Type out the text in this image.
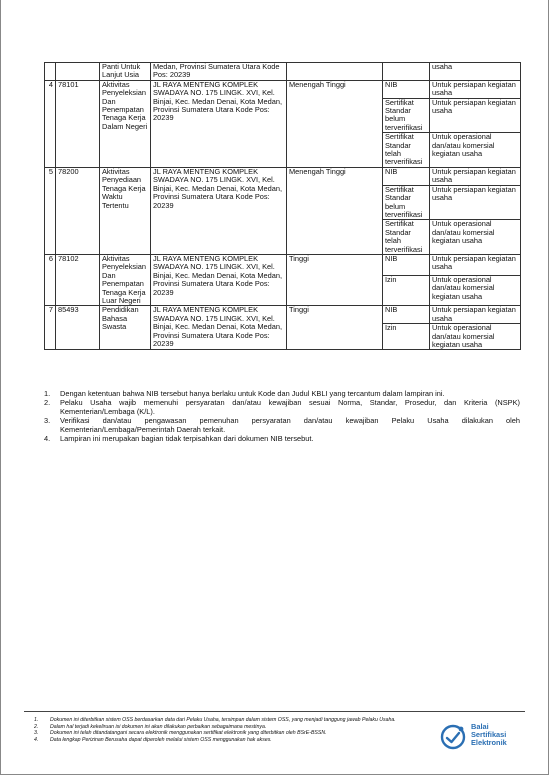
		Panti Untuk Lanjut Usia	Medan, Provinsi Sumatera Utara Kode Pos: 20239			usaha
4	78101	Aktivitas Penyeleksian Dan Penempatan Tenaga Kerja Dalam Negeri	JL RAYA MENTENG KOMPLEK SWADAYA NO. 175 LINGK. XVI, Kel. Binjai, Kec. Medan Denai, Kota Medan, Provinsi Sumatera Utara Kode Pos: 20239	Menengah Tinggi	NIB	Untuk persiapan kegiatan usaha
					Sertifikat Standar belum terverifikasi	Untuk persiapan kegiatan usaha
					Sertifikat Standar telah terverifikasi	Untuk operasional dan/atau komersial kegiatan usaha
5	78200	Aktivitas Penyediaan Tenaga Kerja Waktu Tertentu	JL RAYA MENTENG KOMPLEK SWADAYA NO. 175 LINGK. XVI, Kel. Binjai, Kec. Medan Denai, Kota Medan, Provinsi Sumatera Utara Kode Pos: 20239	Menengah Tinggi	NIB	Untuk persiapan kegiatan usaha
					Sertifikat Standar belum terverifikasi	Untuk persiapan kegiatan usaha
					Sertifikat Standar telah terverifikasi	Untuk operasional dan/atau komersial kegiatan usaha
6	78102	Aktivitas Penyeleksian Dan Penempatan Tenaga Kerja Luar Negeri	JL RAYA MENTENG KOMPLEK SWADAYA NO. 175 LINGK. XVI, Kel. Binjai, Kec. Medan Denai, Kota Medan, Provinsi Sumatera Utara Kode Pos: 20239	Tinggi	NIB	Untuk persiapan kegiatan usaha
					Izin	Untuk operasional dan/atau komersial kegiatan usaha
7	85493	Pendidikan Bahasa Swasta	JL RAYA MENTENG KOMPLEK SWADAYA NO. 175 LINGK. XVI, Kel. Binjai, Kec. Medan Denai, Kota Medan, Provinsi Sumatera Utara Kode Pos: 20239	Tinggi	NIB	Untuk persiapan kegiatan usaha
					Izin	Untuk operasional dan/atau komersial kegiatan usaha
1. Dengan ketentuan bahwa NIB tersebut hanya berlaku untuk Kode dan Judul KBLI yang tercantum dalam lampiran ini.
2. Pelaku Usaha wajib memenuhi persyaratan dan/atau kewajiban sesuai Norma, Standar, Prosedur, dan Kriteria (NSPK) Kementerian/Lembaga (K/L).
3. Verifikasi dan/atau pengawasan pemenuhan persyaratan dan/atau kewajiban Pelaku Usaha dilakukan oleh Kementerian/Lembaga/Pemerintah Daerah terkait.
4. Lampiran ini merupakan bagian tidak terpisahkan dari dokumen NIB tersebut.
1. Dokumen ini diterbitkan sistem OSS berdasarkan data dari Pelaku Usaha, tersimpan dalam sistem OSS, yang menjadi tanggung jawab Pelaku Usaha.
2. Dalam hal terjadi kekeliruan isi dokumen ini akan dilakukan perbaikan sebagaimana mestinya.
3. Dokumen ini telah ditandatangani secara elektronik menggunakan sertifikat elektronik yang diterbitkan oleh BSrE-BSSN.
4. Data lengkap Perizinan Berusaha dapat diperoleh melalui sistem OSS menggunakan hak akses.
Balai
Sertifikasi
Elektronik
